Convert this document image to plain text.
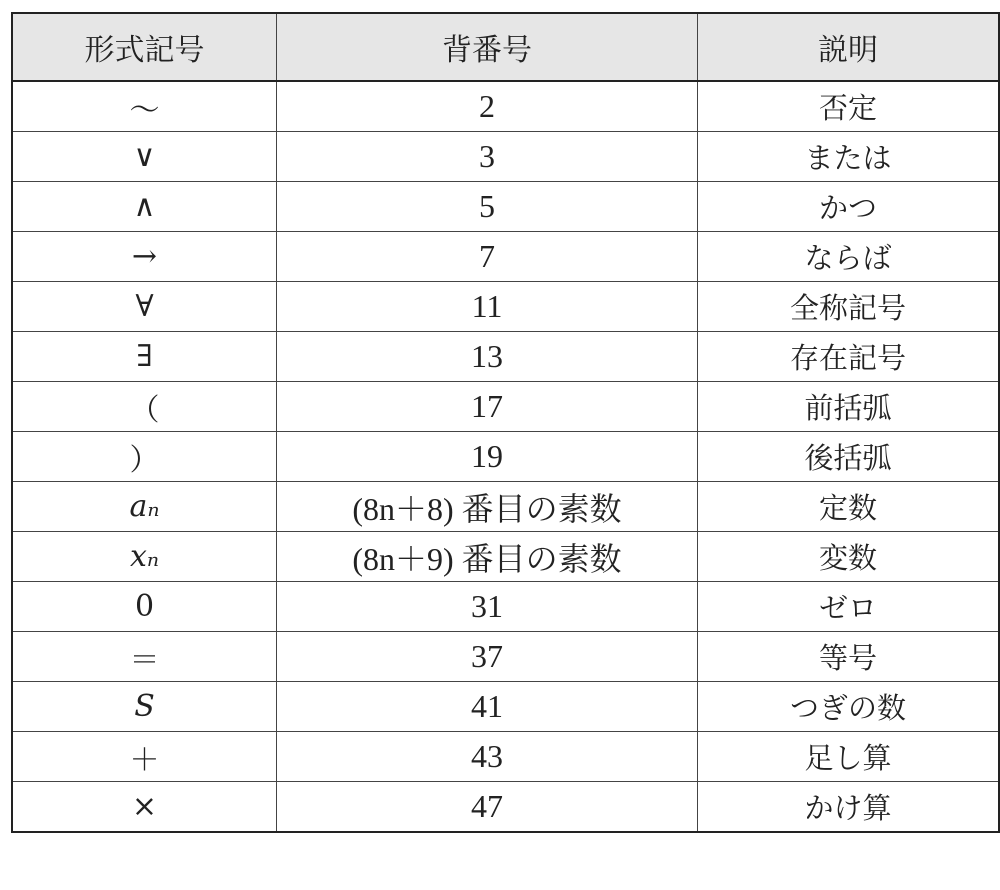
形式記号	背番号	説明
～	2	否定
∨	3	または
∧	5	かつ
→	7	ならば
∀	11	全称記号
∃	13	存在記号
（	17	前括弧
）	19	後括弧
aₙ	(8n＋8) 番目の素数	定数
xₙ	(8n＋9) 番目の素数	変数
0	31	ゼロ
＝	37	等号
S	41	つぎの数
＋	43	足し算
×	47	かけ算
